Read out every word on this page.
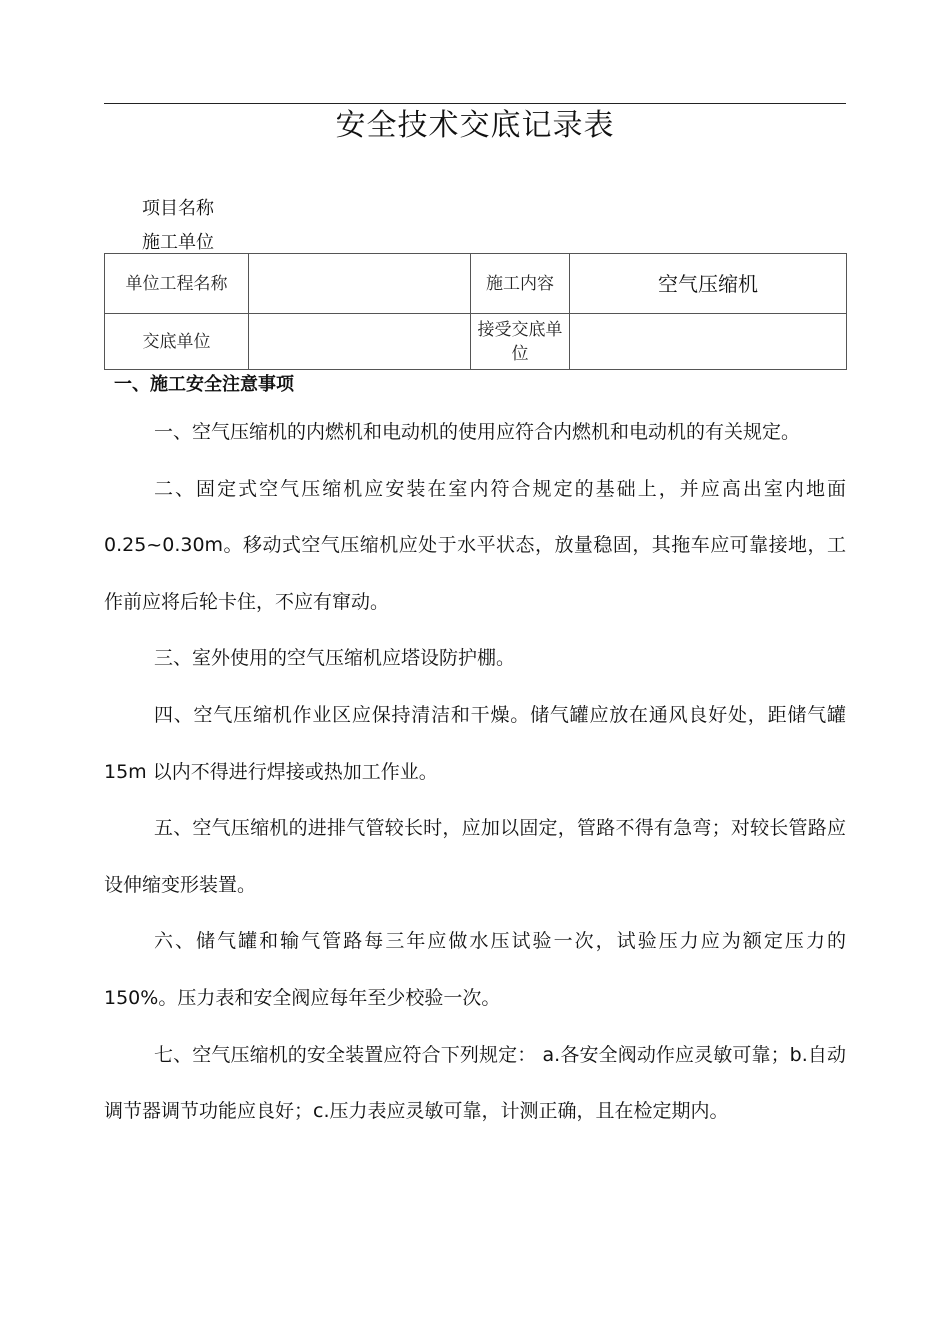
安全技术交底记录表
项目名称
施工单位
单位工程名称		施工内容	空气压缩机
交底单位		接受交底单位	
一、施工安全注意事项

一、空气压缩机的内燃机和电动机的使用应符合内燃机和电动机的有关规定。

二、固定式空气压缩机应安装在室内符合规定的基础上，并应高出室内地面 0.25~0.30m。移动式空气压缩机应处于水平状态，放量稳固，其拖车应可靠接地，工作前应将后轮卡住，不应有窜动。

三、室外使用的空气压缩机应塔设防护棚。

四、空气压缩机作业区应保持清洁和干燥。储气罐应放在通风良好处，距储气罐 15m 以内不得进行焊接或热加工作业。

五、空气压缩机的进排气管较长时，应加以固定，管路不得有急弯；对较长管路应设伸缩变形装置。

六、储气罐和输气管路每三年应做水压试验一次，试验压力应为额定压力的 150%。压力表和安全阀应每年至少校验一次。

七、空气压缩机的安全装置应符合下列规定： a.各安全阀动作应灵敏可靠；b.自动调节器调节功能应良好；c.压力表应灵敏可靠，计测正确，且在检定期内。
